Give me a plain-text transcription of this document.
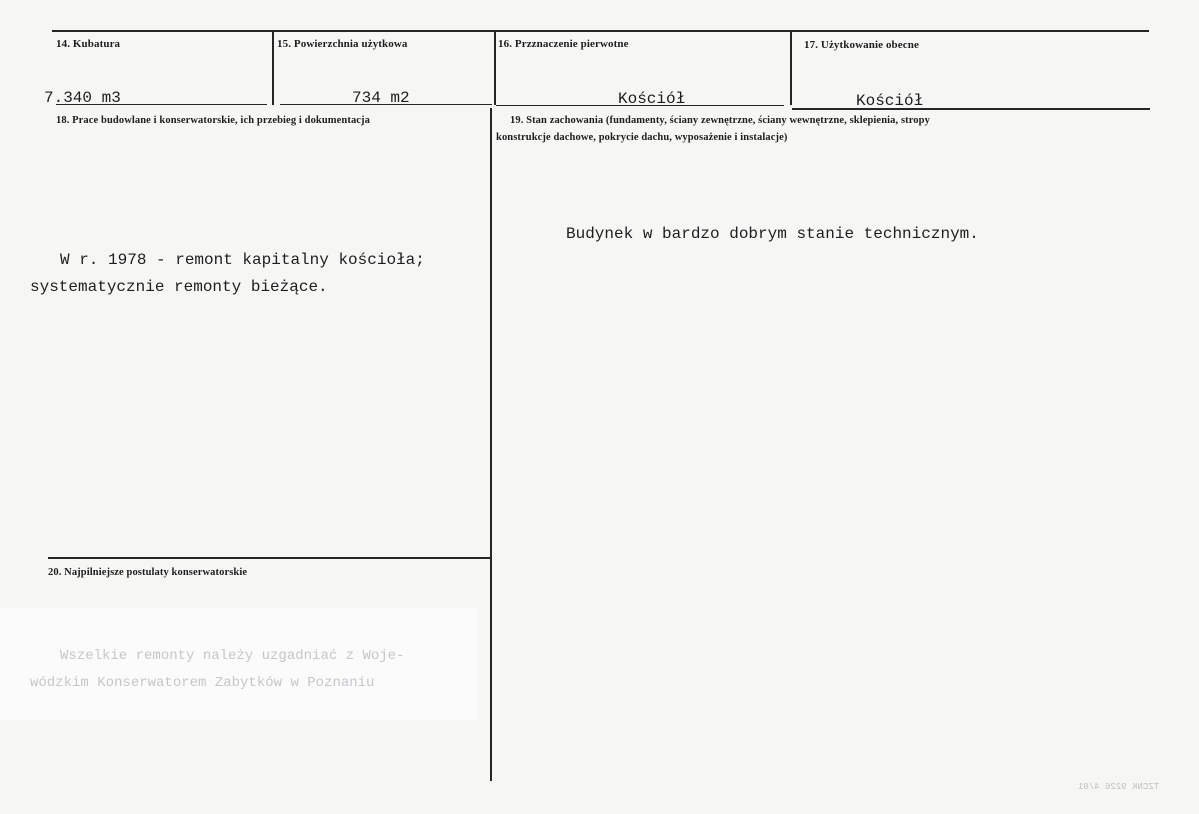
14. Kubatura
7.340 m3
15. Powierzchnia użytkowa
734 m2
16. Przznaczenie pierwotne
Kościół
17. Użytkowanie obecne
Kościół
18. Prace budowlane i konserwatorskie, ich przebieg i dokumentacja
W r. 1978 - remont kapitalny kościoła;
systematycznie remonty bieżące.
19. Stan zachowania (fundamenty, ściany zewnętrzne, ściany wewnętrzne, sklepienia, stropy
konstrukcje dachowe, pokrycie dachu, wyposażenie i instalacje)
Budynek w bardzo dobrym stanie technicznym.
20. Najpilniejsze postulaty konserwatorskie
Wszelkie remonty należy uzgadniać z Woje-
wódzkim Konserwatorem Zabytków w Poznaniu
TZCNK 9226 4/81
